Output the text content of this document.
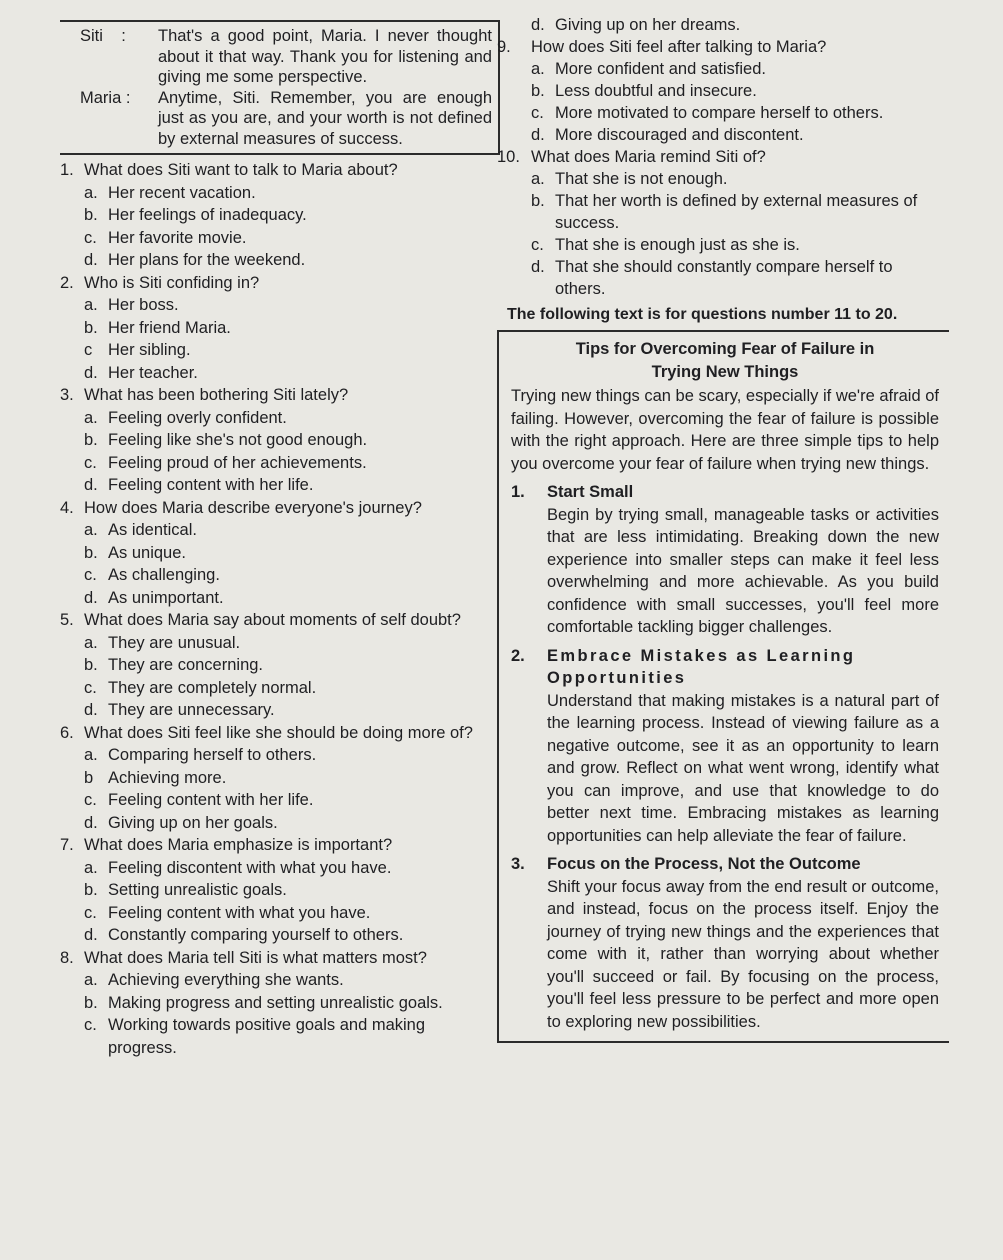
Siti :	That's a good point, Maria. I never thought about it that way. Thank you for listening and giving me some perspective.
Maria :	Anytime, Siti. Remember, you are enough just as you are, and your worth is not defined by external measures of success.
1. What does Siti want to talk to Maria about?
a. Her recent vacation.
b. Her feelings of inadequacy.
c. Her favorite movie.
d. Her plans for the weekend.
2. Who is Siti confiding in?
a. Her boss.
b. Her friend Maria.
c Her sibling.
d. Her teacher.
3. What has been bothering Siti lately?
a. Feeling overly confident.
b. Feeling like she's not good enough.
c. Feeling proud of her achievements.
d. Feeling content with her life.
4. How does Maria describe everyone's journey?
a. As identical.
b. As unique.
c. As challenging.
d. As unimportant.
5. What does Maria say about moments of self doubt?
a. They are unusual.
b. They are concerning.
c. They are completely normal.
d. They are unnecessary.
6. What does Siti feel like she should be doing more of?
a. Comparing herself to others.
b Achieving more.
c. Feeling content with her life.
d. Giving up on her goals.
7. What does Maria emphasize is important?
a. Feeling discontent with what you have.
b. Setting unrealistic goals.
c. Feeling content with what you have.
d. Constantly comparing yourself to others.
8. What does Maria tell Siti is what matters most?
a. Achieving everything she wants.
b. Making progress and setting unrealistic goals.
c. Working towards positive goals and making progress.
d. Giving up on her dreams.
9.	How does Siti feel after talking to Maria?
a. More confident and satisfied.
b. Less doubtful and insecure.
c. More motivated to compare herself to others.
d. More discouraged and discontent.
10. What does Maria remind Siti of?
a. That she is not enough.
b. That her worth is defined by external measures of success.
c. That she is enough just as she is.
d. That she should constantly compare herself to others.
The following text is for questions number 11 to 20.
Tips for Overcoming Fear of Failure in
Trying New Things
Trying new things can be scary, especially if we're afraid of failing. However, overcoming the fear of failure is possible with the right approach. Here are three simple tips to help you overcome your fear of failure when trying new things.
1.	Start Small
Begin by trying small, manageable tasks or activities that are less intimidating. Breaking down the new experience into smaller steps can make it feel less overwhelming and more achievable. As you build confidence with small successes, you'll feel more comfortable tackling bigger challenges.
2.	Embrace Mistakes as Learning Opportunities
Understand that making mistakes is a natural part of the learning process. Instead of viewing failure as a negative outcome, see it as an opportunity to learn and grow. Reflect on what went wrong, identify what you can improve, and use that knowledge to do better next time. Embracing mistakes as learning opportunities can help alleviate the fear of failure.
3.	Focus on the Process, Not the Outcome
Shift your focus away from the end result or outcome, and instead, focus on the process itself. Enjoy the journey of trying new things and the experiences that come with it, rather than worrying about whether you'll succeed or fail. By focusing on the process, you'll feel less pressure to be perfect and more open to exploring new possibilities.
